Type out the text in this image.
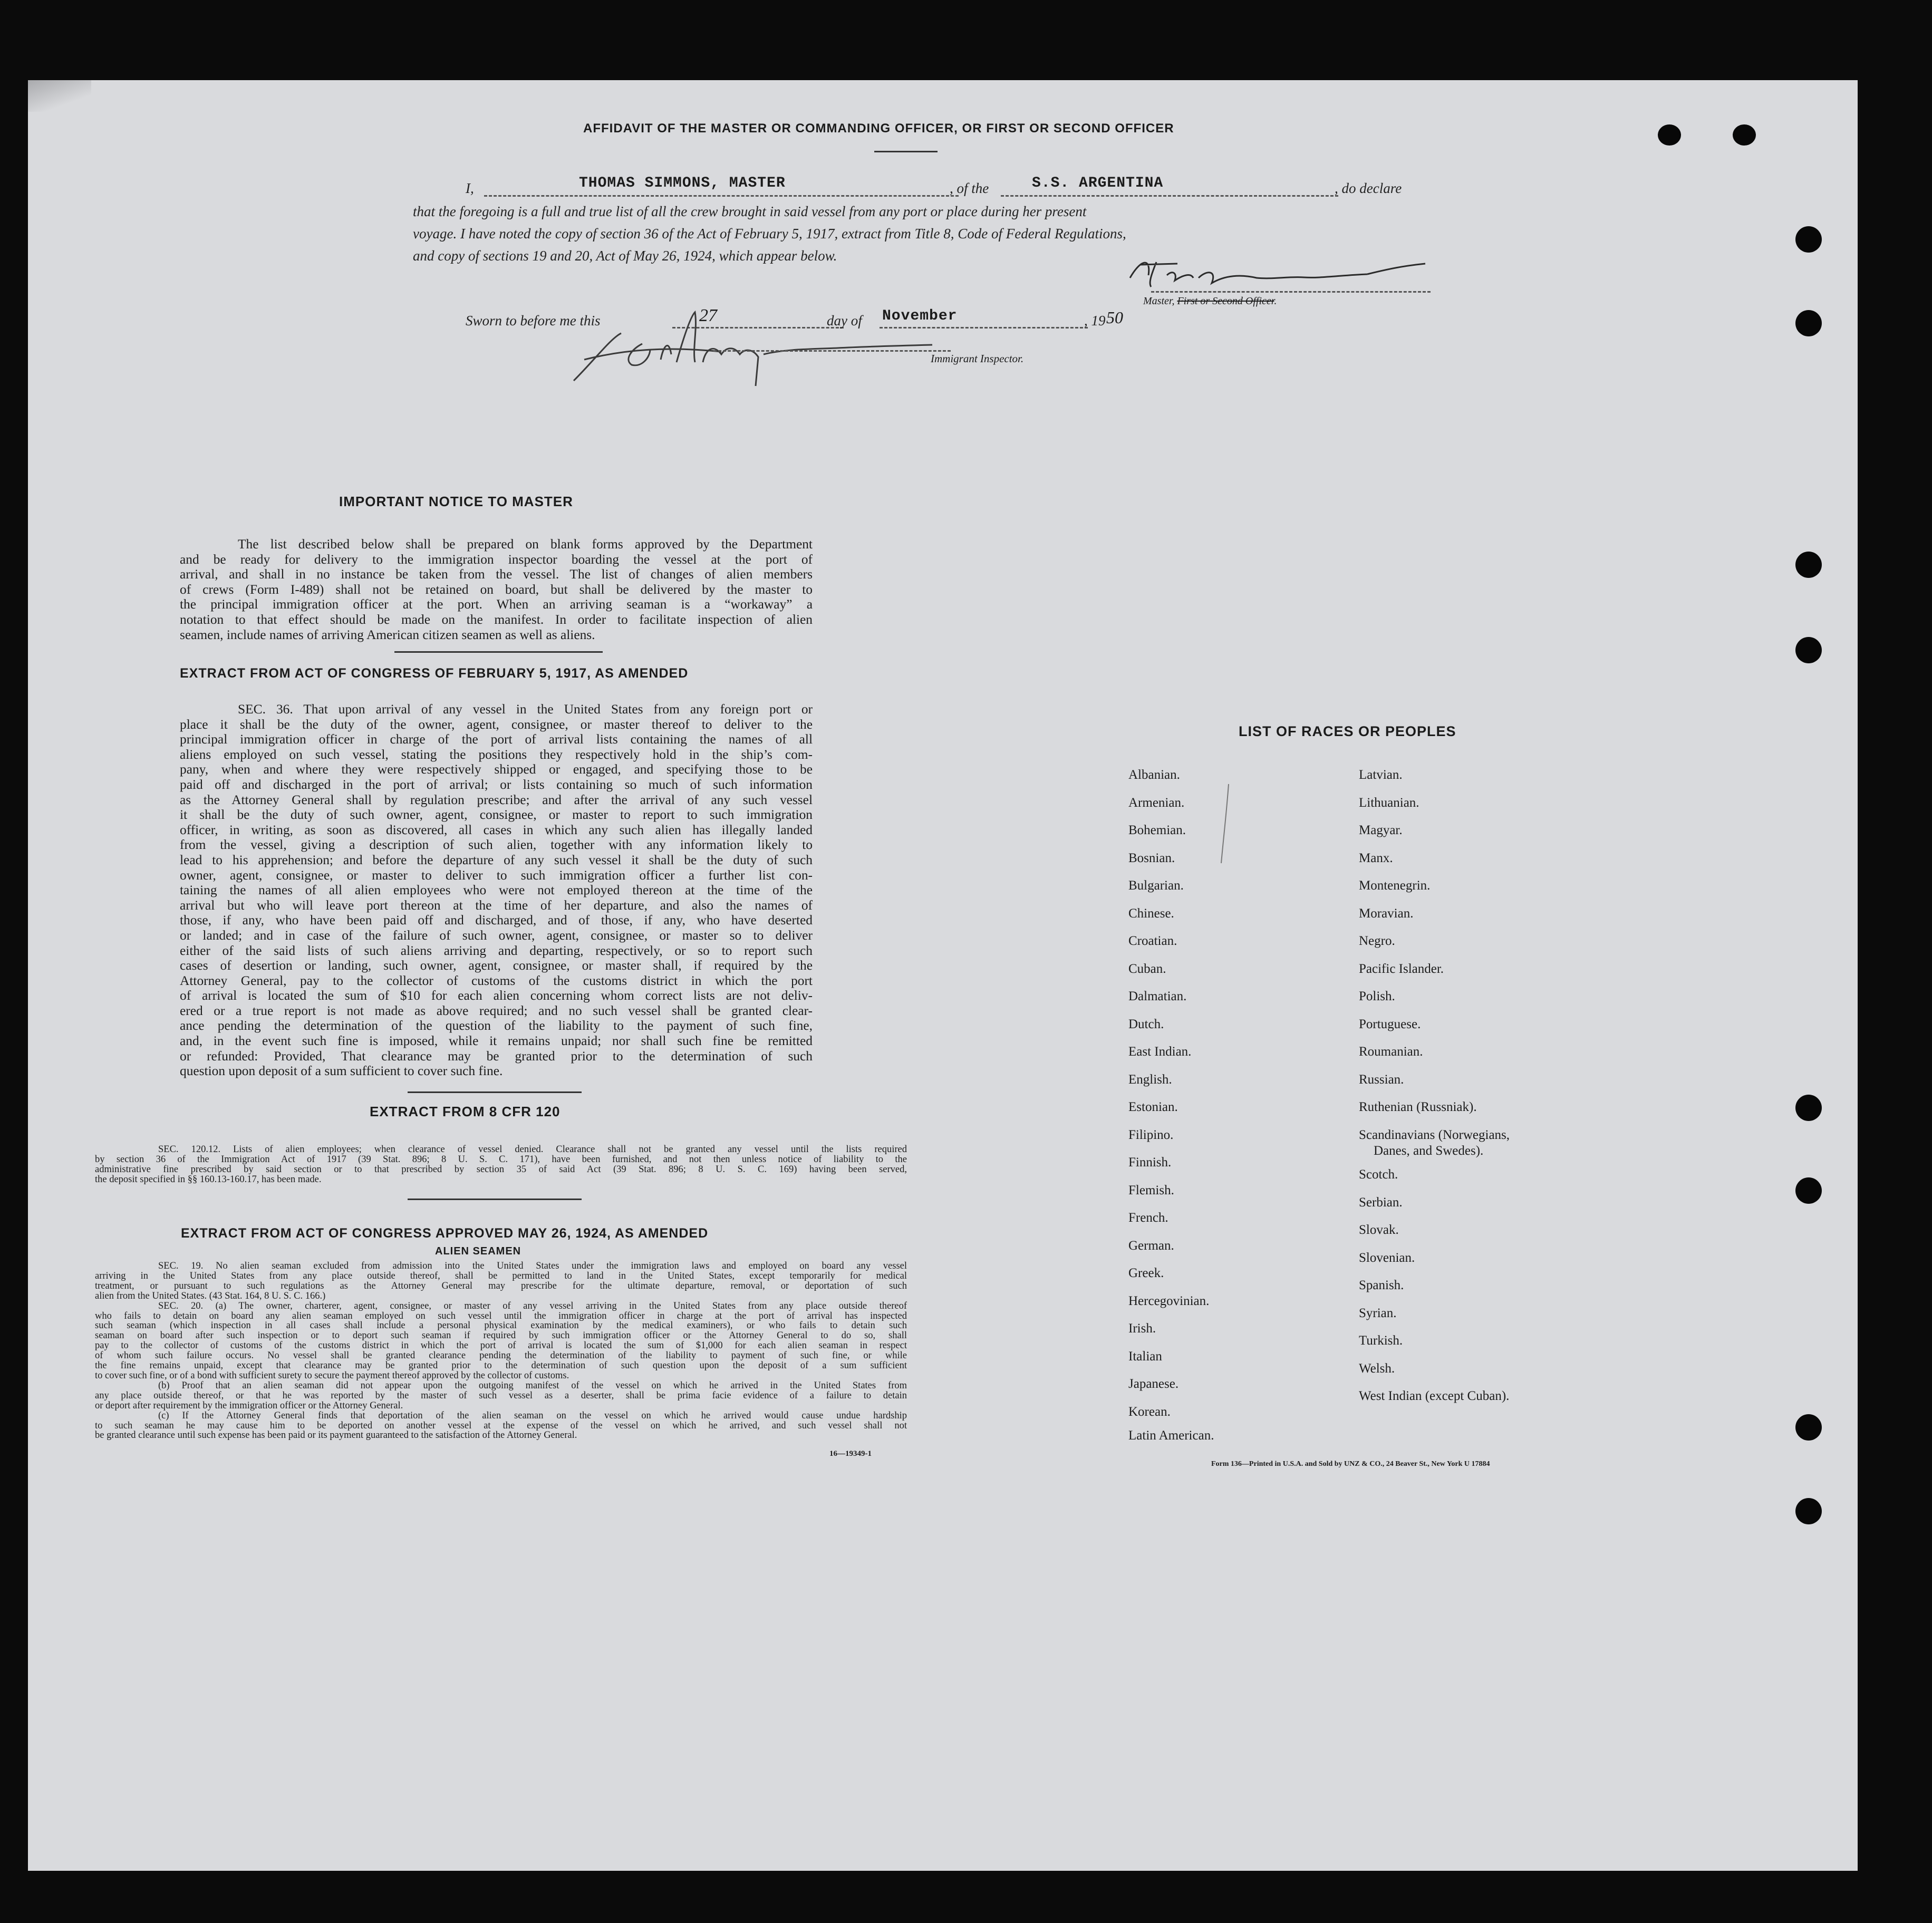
AFFIDAVIT OF THE MASTER OR COMMANDING OFFICER, OR FIRST OR SECOND OFFICER
I,	THOMAS SIMMONS, MASTER	, of the	S.S. ARGENTINA	, do declare
that the foregoing is a full and true list of all the crew brought in said vessel from any port or place during her present
voyage. I have noted the copy of section 36 of the Act of February 5, 1917, extract from Title 8, Code of Federal Regulations,
and copy of sections 19 and 20, Act of May 26, 1924, which appear below.
Master, First or Second Officer.
Sworn to before me this	27	day of November	, 19 50
Immigrant Inspector.
IMPORTANT NOTICE TO MASTER
The list described below shall be prepared on blank forms approved by the Department
and be ready for delivery to the immigration inspector boarding the vessel at the port of
arrival, and shall in no instance be taken from the vessel. The list of changes of alien members
of crews (Form I-489) shall not be retained on board, but shall be delivered by the master to
the principal immigration officer at the port. When an arriving seaman is a “workaway” a
notation to that effect should be made on the manifest. In order to facilitate inspection of alien
seamen, include names of arriving American citizen seamen as well as aliens.
EXTRACT FROM ACT OF CONGRESS OF FEBRUARY 5, 1917, AS AMENDED
SEC. 36. That upon arrival of any vessel in the United States from any foreign port or
place it shall be the duty of the owner, agent, consignee, or master thereof to deliver to the
principal immigration officer in charge of the port of arrival lists containing the names of all
aliens employed on such vessel, stating the positions they respectively hold in the ship’s com-
pany, when and where they were respectively shipped or engaged, and specifying those to be
paid off and discharged in the port of arrival; or lists containing so much of such information
as the Attorney General shall by regulation prescribe; and after the arrival of any such vessel
it shall be the duty of such owner, agent, consignee, or master to report to such immigration
officer, in writing, as soon as discovered, all cases in which any such alien has illegally landed
from the vessel, giving a description of such alien, together with any information likely to
lead to his apprehension; and before the departure of any such vessel it shall be the duty of such
owner, agent, consignee, or master to deliver to such immigration officer a further list con-
taining the names of all alien employees who were not employed thereon at the time of the
arrival but who will leave port thereon at the time of her departure, and also the names of
those, if any, who have been paid off and discharged, and of those, if any, who have deserted
or landed; and in case of the failure of such owner, agent, consignee, or master so to deliver
either of the said lists of such aliens arriving and departing, respectively, or so to report such
cases of desertion or landing, such owner, agent, consignee, or master shall, if required by the
Attorney General, pay to the collector of customs of the customs district in which the port
of arrival is located the sum of $10 for each alien concerning whom correct lists are not deliv-
ered or a true report is not made as above required; and no such vessel shall be granted clear-
ance pending the determination of the question of the liability to the payment of such fine,
and, in the event such fine is imposed, while it remains unpaid; nor shall such fine be remitted
or refunded: Provided, That clearance may be granted prior to the determination of such
question upon deposit of a sum sufficient to cover such fine.
EXTRACT FROM 8 CFR 120
SEC. 120.12. Lists of alien employees; when clearance of vessel denied. Clearance shall not be granted any vessel until the lists required
by section 36 of the Immigration Act of 1917 (39 Stat. 896; 8 U. S. C. 171), have been furnished, and not then unless notice of liability to the
administrative fine prescribed by said section or to that prescribed by section 35 of said Act (39 Stat. 896; 8 U. S. C. 169) having been served,
the deposit specified in §§ 160.13-160.17, has been made.
EXTRACT FROM ACT OF CONGRESS APPROVED MAY 26, 1924, AS AMENDED
ALIEN SEAMEN
SEC. 19. No alien seaman excluded from admission into the United States under the immigration laws and employed on board any vessel
arriving in the United States from any place outside thereof, shall be permitted to land in the United States, except temporarily for medical
treatment, or pursuant to such regulations as the Attorney General may prescribe for the ultimate departure, removal, or deportation of such
alien from the United States. (43 Stat. 164, 8 U. S. C. 166.)
SEC. 20. (a) The owner, charterer, agent, consignee, or master of any vessel arriving in the United States from any place outside thereof
who fails to detain on board any alien seaman employed on such vessel until the immigration officer in charge at the port of arrival has inspected
such seaman (which inspection in all cases shall include a personal physical examination by the medical examiners), or who fails to detain such
seaman on board after such inspection or to deport such seaman if required by such immigration officer or the Attorney General to do so, shall
pay to the collector of customs of the customs district in which the port of arrival is located the sum of $1,000 for each alien seaman in respect
of whom such failure occurs. No vessel shall be granted clearance pending the determination of the liability to payment of such fine, or while
the fine remains unpaid, except that clearance may be granted prior to the determination of such question upon the deposit of a sum sufficient
to cover such fine, or of a bond with sufficient surety to secure the payment thereof approved by the collector of customs.
(b) Proof that an alien seaman did not appear upon the outgoing manifest of the vessel on which he arrived in the United States from
any place outside thereof, or that he was reported by the master of such vessel as a deserter, shall be prima facie evidence of a failure to detain
or deport after requirement by the immigration officer or the Attorney General.
(c) If the Attorney General finds that deportation of the alien seaman on the vessel on which he arrived would cause undue hardship
to such seaman he may cause him to be deported on another vessel at the expense of the vessel on which he arrived, and such vessel shall not
be granted clearance until such expense has been paid or its payment guaranteed to the satisfaction of the Attorney General.
16—19349-1
LIST OF RACES OR PEOPLES
Albanian.
Armenian.
Bohemian.
Bosnian.
Bulgarian.
Chinese.
Croatian.
Cuban.
Dalmatian.
Dutch.
East Indian.
English.
Estonian.
Filipino.
Finnish.
Flemish.
French.
German.
Greek.
Hercegovinian.
Irish.
Italian
Japanese.
Korean.
Latin American.
Latvian.
Lithuanian.
Magyar.
Manx.
Montenegrin.
Moravian.
Negro.
Pacific Islander.
Polish.
Portuguese.
Roumanian.
Russian.
Ruthenian (Russniak).
Scandinavians (Norwegians,
Danes, and Swedes).
Scotch.
Serbian.
Slovak.
Slovenian.
Spanish.
Syrian.
Turkish.
Welsh.
West Indian (except Cuban).
Form 136—Printed in U.S.A. and Sold by UNZ & CO., 24 Beaver St., New York U 17884
